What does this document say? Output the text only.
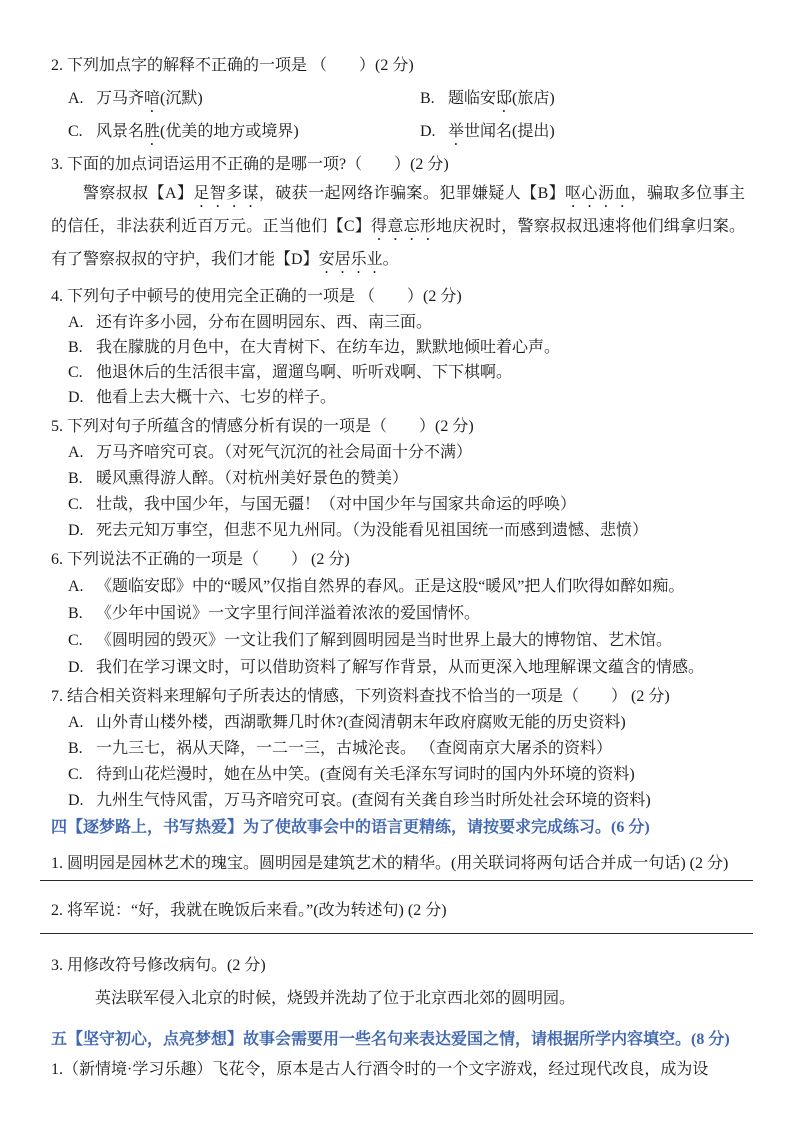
2. 下列加点字的解释不正确的一项是 （　　）(2 分)
A. 万马齐喑(沉默)	B. 题临安邸(旅店)
C. 风景名胜(优美的地方或境界)	D. 举世闻名(提出)
3. 下面的加点词语运用不正确的是哪一项?（　　）(2 分)

警察叔叔【A】足智多谋，破获一起网络诈骗案。犯罪嫌疑人【B】呕心沥血，骗取多位事主的信任，非法获利近百万元。正当他们【C】得意忘形地庆祝时，警察叔叔迅速将他们缉拿归案。有了警察叔叔的守护，我们才能【D】安居乐业。

4. 下列句子中顿号的使用完全正确的一项是 （　　）(2 分)
A. 还有许多小园，分布在圆明园东、西、南三面。
B. 我在朦胧的月色中，在大青树下、在纺车边，默默地倾吐着心声。
C. 他退休后的生活很丰富，遛遛鸟啊、听听戏啊、下下棋啊。
D. 他看上去大概十六、七岁的样子。
5. 下列对句子所蕴含的情感分析有误的一项是（　　）(2 分)
A. 万马齐喑究可哀。（对死气沉沉的社会局面十分不满）
B. 暖风熏得游人醉。（对杭州美好景色的赞美）
C. 壮哉，我中国少年，与国无疆！（对中国少年与国家共命运的呼唤）
D. 死去元知万事空，但悲不见九州同。（为没能看见祖国统一而感到遗憾、悲愤）
6. 下列说法不正确的一项是（　　） (2 分)
A. 《题临安邸》中的“暖风”仅指自然界的春风。正是这股“暖风”把人们吹得如醉如痴。
B. 《少年中国说》一文字里行间洋溢着浓浓的爱国情怀。
C. 《圆明园的毁灭》一文让我们了解到圆明园是当时世界上最大的博物馆、艺术馆。
D. 我们在学习课文时，可以借助资料了解写作背景，从而更深入地理解课文蕴含的情感。
7. 结合相关资料来理解句子所表达的情感，下列资料查找不恰当的一项是（　　） (2 分)
A. 山外青山楼外楼，西湖歌舞几时休?(查阅清朝末年政府腐败无能的历史资料)
B. 一九三七，祸从天降，一二一三，古城沦丧。 （查阅南京大屠杀的资料）
C. 待到山花烂漫时，她在丛中笑。(查阅有关毛泽东写词时的国内外环境的资料)
D. 九州生气恃风雷，万马齐喑究可哀。(查阅有关龚自珍当时所处社会环境的资料)
四【逐梦路上，书写热爱】为了使故事会中的语言更精练，请按要求完成练习。(6 分)
1. 圆明园是园林艺术的瑰宝。圆明园是建筑艺术的精华。(用关联词将两句话合并成一句话) (2 分)
2. 将军说：“好，我就在晚饭后来看。”(改为转述句) (2 分)
3. 用修改符号修改病句。(2 分)
英法联军侵入北京的时候，烧毁并洗劫了位于北京西北郊的圆明园。
五【坚守初心，点亮梦想】故事会需要用一些名句来表达爱国之情，请根据所学内容填空。(8 分)
1.（新情境·学习乐趣）飞花令，原本是古人行酒令时的一个文字游戏，经过现代改良，成为设
